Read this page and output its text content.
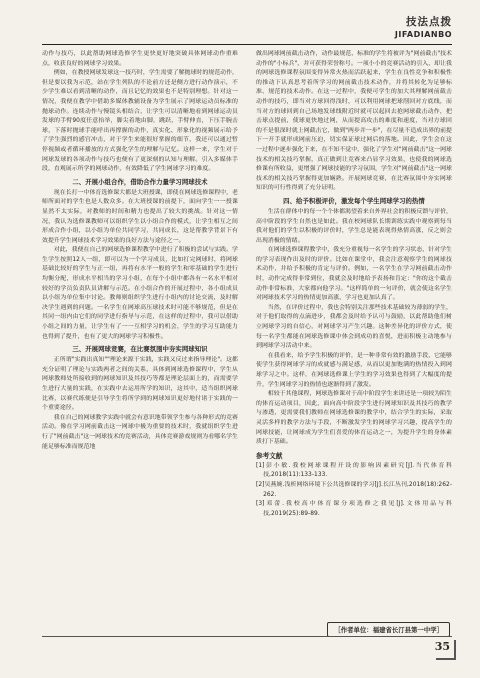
技法点拨
JIFADIANBO

动作与技巧，以此帮助网球选修学生更快更好地突破具体网球动作重难点，收获良好的网球学习效果。

例如，在教授网球发球这一技巧时，学生需要了解抛球时的规范动作，但是要以我为示范，站在学生列队的不论前方还是侧方进行动作演示，不少学生难以看到清晰的动作，而且记忆的效果也不是特别理想。针对这一情况，我便在教学中借助多媒体教辅设备为学生展示了网球运动员标准的抛球动作。连续动作与慢镜头相结合，让学生可以清晰地看到网球运动员发球的手臂90度任意抬举，脚尖着地由脚，跳跃，手臂伸直，下压手腕击球，下落时抛球手能呼出再撑握的动作，真实化、形象化的视频展示给予了学生强烈的感官冲击，对于学生来能很好掌握的细节，我还可以通过暂停视频或者循环播放的方式强化学生的理解与记忆。这样一来，学生对于网球发球的各项动作与技巧也便有了更深刻的认知与理解。引入多媒体手段，直观展示所学的网球动作，有效降低了学生网球学习的难度。

二、开展小组合作，借助合作力量学习网球技术

现在长打一中体育选修课大都是大班授课，即使在网球选修课程中，老师所面对的学生也是人数众多。在大班授课的前提下，面向学生一一授课显然不太实际，对教师的时间和精力也提出了较大的挑战。针对这一情况，我认为选修课教师可以组织学生以小组合作的模式，让学生相互之间形成合作小组，以小组为单位共同学习，共同成长，这是帮教学背景下有效提升学生网球技术学习效果的良好方法与途径之一。

对此，我便在自己的网球选修课程教学中进行了积极的尝试与实践。学生学生按照12人一组，即可以为一个学习成员，比如打完网球时，将网球基础比较好的学生与正一组，再将有水平一般的学生和零基础的学生进行均衡分配，形成水平相当的学习小组，在每个小组中都各有一名水平相对较好的学员负责队员讲解与示范。在小组合作的开展过程中，各小组成员以小组为单位集中讨论。教师则组织学生进行小组内的讨论交流，及时解决学生遇到的问题。一名学生在网球高压球技术时可能不够规范，但是在其同一组内由它们的同学进行指导与示范，在这样的过程中，我可以借助小组之间的力量，让学生有了一一互相学习的机会，学生的学习互助能力也得到了提升，也有了更大的网球学习积极性。

三、开展网球竞赛，在比赛氛围中夯实网球知识

正所谓"实践出真知""理论来源于实践，实践又反过来指导理论"。这都充分证明了理论与实践两者之间的关系，具体到网球选修课程中，学生从网球教师处所接收到的网球知识及其技巧等都是理论层面上的，而需要学生进行大量的实践，在实践中去运用所学的知识，这其中，适当组织网球比赛，以赛代练便是引导学生将所学到的网球知识更好地付诸于实践的一个重要途径。

我在自己的网球教学实践中就会有意识地带领学生参与各种形式的竞赛活动。像在学习网前截击这一网球中极为重要的技术时，我就组织学生进行了"网前截击"这一网球技术的竞赛活动，具体竞赛游戏规则为看哪名学生能足够标准而规范地

做出网球网前截击动作，动作最规范、标准的学生将被评为"网前截击"技术动作的"小标兵"，并可获得荣誉称号。一项小小的竞赛活动的引入，却让我的网球选修课程氛围变得异常火热而活跃起来，学生在良性竞争和积极性的推动下认真思考着所学习的网前截击技术动作，并将其转化为足够标准、规范的技术动作。在这一过程中，我便可学生的加大其理解网前截击动作的技巧，即当对方球回得浅时，可以利用网球把球削回对方底线，而当对方的球回到自己场地发球线附近时就可以起回去抢网球截击动作，把击球点提前，使球更快地过网，从而提高攻击的难度和速度，当对方球回的不是很深时就上网截击它，做到"两步并一步"，在尽量不造成出界的前提下一开手就形成网前压迫，切实保证球过网后的落地。因此，学生会在这一过程中逐步强化下来，在不知不觉中，强化了学生对"网前截击"这一网球技术的相关技巧掌握，真正做到让竞赛来凸显学习效果，也使我的网球选修课有所收益，更增强了网球技能的学习氛围，学生对"网前截击"这一网球技术的相关技巧掌握得更加娴熟。开展网球竞赛，在比赛氛围中夯实网球知识的可行性得到了充分证明。

四、给予积极评价，激发每个学生网球学习的热情

生活在群体中的每一个个体都渴望着来自外界社会的积极反馈与评价，高中阶段的学生自然也是如此。我在校网球队长期训练实践中观察到每当我对他们的学生以积极的评价时，学生总是能表现得热情高涨，反之则会出现消极的情绪。

在网球选修课程教学中，我充分重视每一名学生的学习状态，针对学生的学习表现作出及时的评价。比如在课堂中，我会注意观察学生的网球技术动作，并给予积极的肯定与评价。例如，一名学生在学习网前截击动作时，动作完成得非常到位，我就会及时地给予表扬和肯定："你的这个截击动作非常标准，大家都向他学习。"这样简单的一句评价，就会使这名学生对网球技术学习的热情更加高涨，学习也更加认真了。

当然，在评价过程中，我也会特别关注那些技术基础较为薄弱的学生，对于他们取得的点滴进步，我都会及时给予认可与鼓励，以此帮助他们树立网球学习的自信心，对网球学习产生兴趣。这种差异化的评价方式，使每一名学生都能在网球选修课中体会到成功的喜悦，进而积极主动地参与到网球学习活动中来。

在我看来，给予学生积极的评价，是一种非常有效的激励手段，它能够使学生获得网球学习的成就感与满足感，从而以更加饱满的热情投入到网球学习之中。这样，在网球选修课上学生的学习效果也得到了大幅度的提升，学生网球学习的热情也逐渐得到了激发。

相较于其他课程，网球选修课对于高中阶段学生来讲还是一项较为陌生的体育运动项目，因此，面向高中阶段学生进行网球知识及其技巧的教学与渗透，更需要我们教师在网球选修课的教学中，结合学生的实际，采取灵活多样的教学方法与手段，不断激发学生的网球学习兴趣，提高学生的网球技能，让网球成为学生们喜爱的体育运动之一，为提升学生的身体素质打下基础。

参考文献

[1]彭小敏.我校网球课程开设的影响因素研究[J].当代体育科技,2018(11):133-133.

[2]吴燕婉.浅析网络环境下公共选修课的学习[J].长江丛刊,2018(18):262-262.

[3]邓蕾.我校高中体育课分项选修之我见[J].文体用品与科技,2019(25):89-89.

［作者单位：福建省长汀县第一中学］
35
